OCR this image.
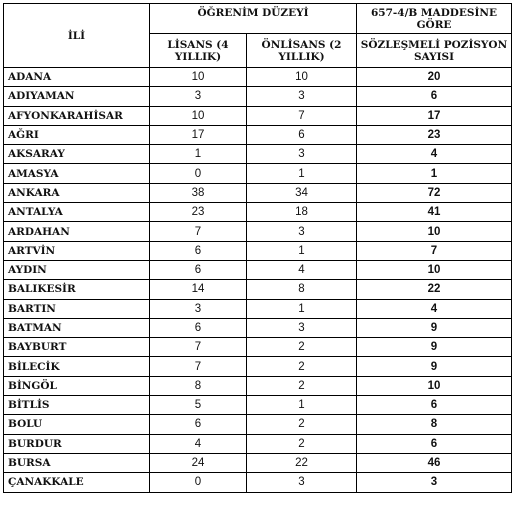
İLİ	ÖĞRENİM DÜZEYİ		657-4/B MADDESİNE GÖRE
	LİSANS (4 YILLIK)	ÖNLİSANS (2 YILLIK)	SÖZLEŞMELİ POZİSYON SAYISI
ADANA	10	10	20
ADIYAMAN	3	3	6
AFYONKARAHİSAR	10	7	17
AĞRI	17	6	23
AKSARAY	1	3	4
AMASYA	0	1	1
ANKARA	38	34	72
ANTALYA	23	18	41
ARDAHAN	7	3	10
ARTVİN	6	1	7
AYDIN	6	4	10
BALIKESİR	14	8	22
BARTIN	3	1	4
BATMAN	6	3	9
BAYBURT	7	2	9
BİLECİK	7	2	9
BİNGÖL	8	2	10
BİTLİS	5	1	6
BOLU	6	2	8
BURDUR	4	2	6
BURSA	24	22	46
ÇANAKKALE	0	3	3
